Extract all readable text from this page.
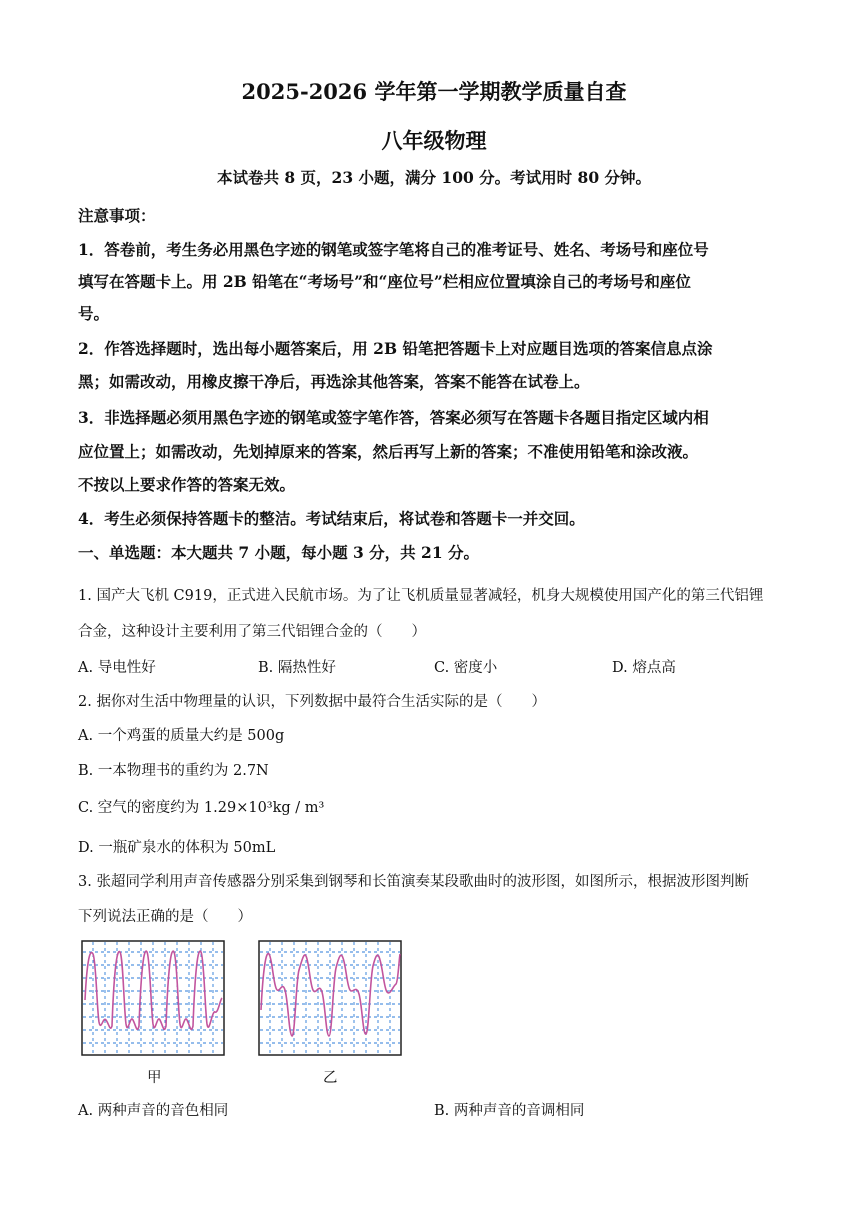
2025-2026 学年第一学期教学质量自查
八年级物理
本试卷共 8 页，23 小题，满分 100 分。考试用时 80 分钟。
注意事项：
1．答卷前，考生务必用黑色字迹的钢笔或签字笔将自己的准考证号、姓名、考场号和座位号
填写在答题卡上。用 2B 铅笔在“考场号”和“座位号”栏相应位置填涂自己的考场号和座位
号。
2．作答选择题时，选出每小题答案后，用 2B 铅笔把答题卡上对应题目选项的答案信息点涂
黑；如需改动，用橡皮擦干净后，再选涂其他答案，答案不能答在试卷上。
3．非选择题必须用黑色字迹的钢笔或签字笔作答，答案必须写在答题卡各题目指定区域内相
应位置上；如需改动，先划掉原来的答案，然后再写上新的答案；不准使用铅笔和涂改液。
不按以上要求作答的答案无效。
4．考生必须保持答题卡的整洁。考试结束后，将试卷和答题卡一并交回。
一、单选题：本大题共 7 小题，每小题 3 分，共 21 分。
1. 国产大飞机 C919，正式进入民航市场。为了让飞机质量显著减轻，机身大规模使用国产化的第三代铝锂
合金，这种设计主要利用了第三代铝锂合金的（　　）
A. 导电性好	B. 隔热性好	C. 密度小	D. 熔点高
2. 据你对生活中物理量的认识，下列数据中最符合生活实际的是（　　）
A. 一个鸡蛋的质量大约是 500g
B. 一本物理书的重约为 2.7N
C. 空气的密度约为 1.29×10³kg / m³
D. 一瓶矿泉水的体积为 50mL
3. 张超同学利用声音传感器分别采集到钢琴和长笛演奏某段歌曲时的波形图，如图所示，根据波形图判断
下列说法正确的是（　　）
甲	乙
A. 两种声音的音色相同	B. 两种声音的音调相同
